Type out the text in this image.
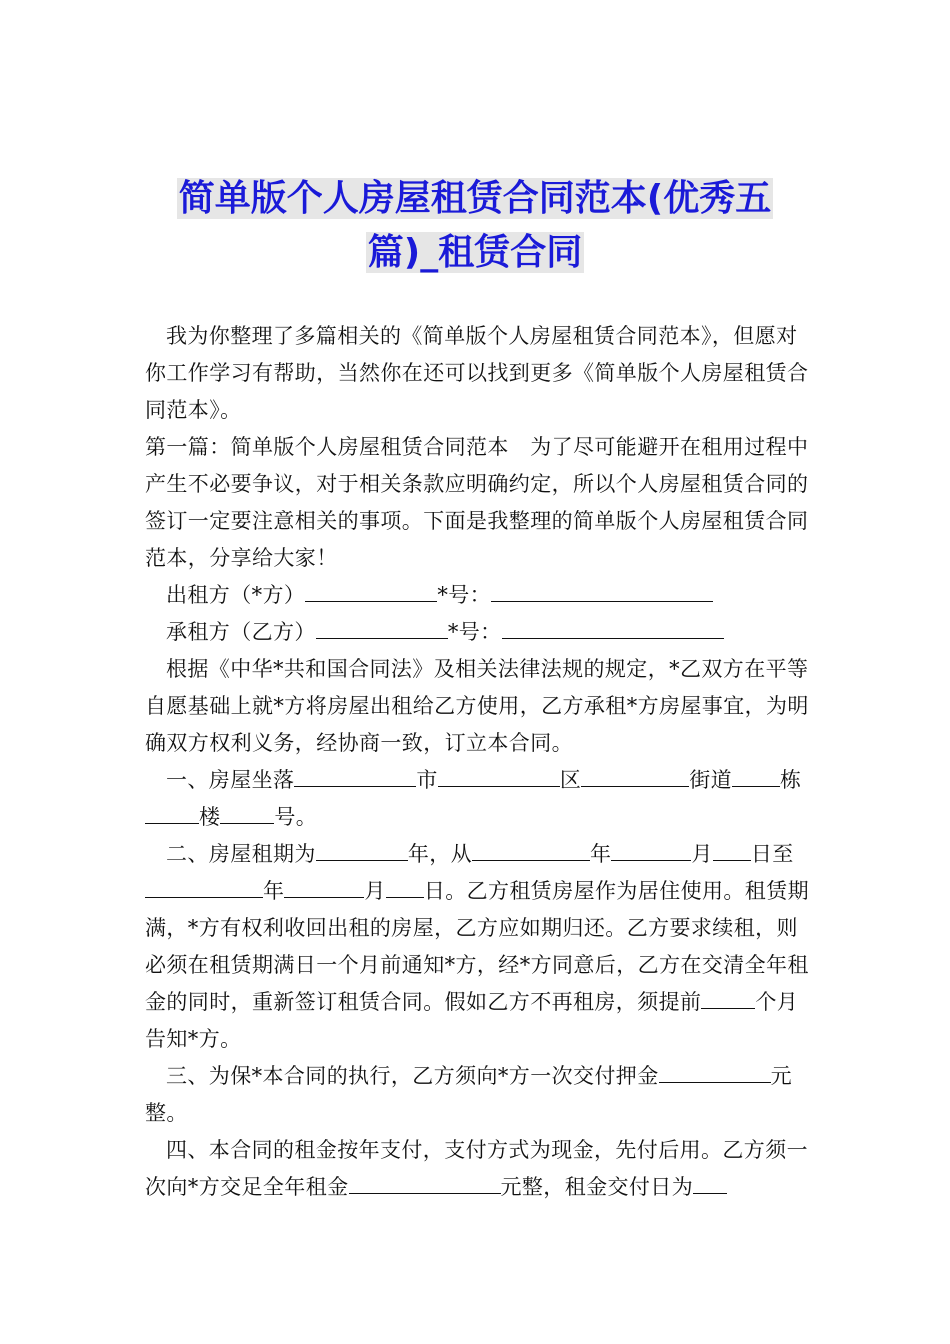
简单版个人房屋租赁合同范本(优秀五
篇)_租赁合同

我为你整理了多篇相关的《简单版个人房屋租赁合同范本》，但愿对你工作学习有帮助，当然你在还可以找到更多《简单版个人房屋租赁合同范本》。

第一篇：简单版个人房屋租赁合同范本　为了尽可能避开在租用过程中产生不必要争议，对于相关条款应明确约定，所以个人房屋租赁合同的签订一定要注意相关的事项。下面是我整理的简单版个人房屋租赁合同范本，分享给大家！

出租方（*方）	*号：

承租方（乙方）	*号：

根据《中华*共和国合同法》及相关法律法规的规定，*乙双方在平等自愿基础上就*方将房屋出租给乙方使用，乙方承租*方房屋事宜，为明确双方权利义务，经协商一致，订立本合同。

一、房屋坐落	市	区	街道 栋楼	号。

二、房屋租期为	年，从	年	月 日至年	月 日。乙方租赁房屋作为居住使用。租赁期满，*方有权利收回出租的房屋，乙方应如期归还。乙方要求续租，则必须在租赁期满日一个月前通知*方，经*方同意后，乙方在交清全年租金的同时，重新签订租赁合同。假如乙方不再租房，须提前	个月告知*方。

三、为保*本合同的执行，乙方须向*方一次交付押金	元整。

四、本合同的租金按年支付，支付方式为现金，先付后用。乙方须一次向*方交足全年租金	元整，租金交付日为
